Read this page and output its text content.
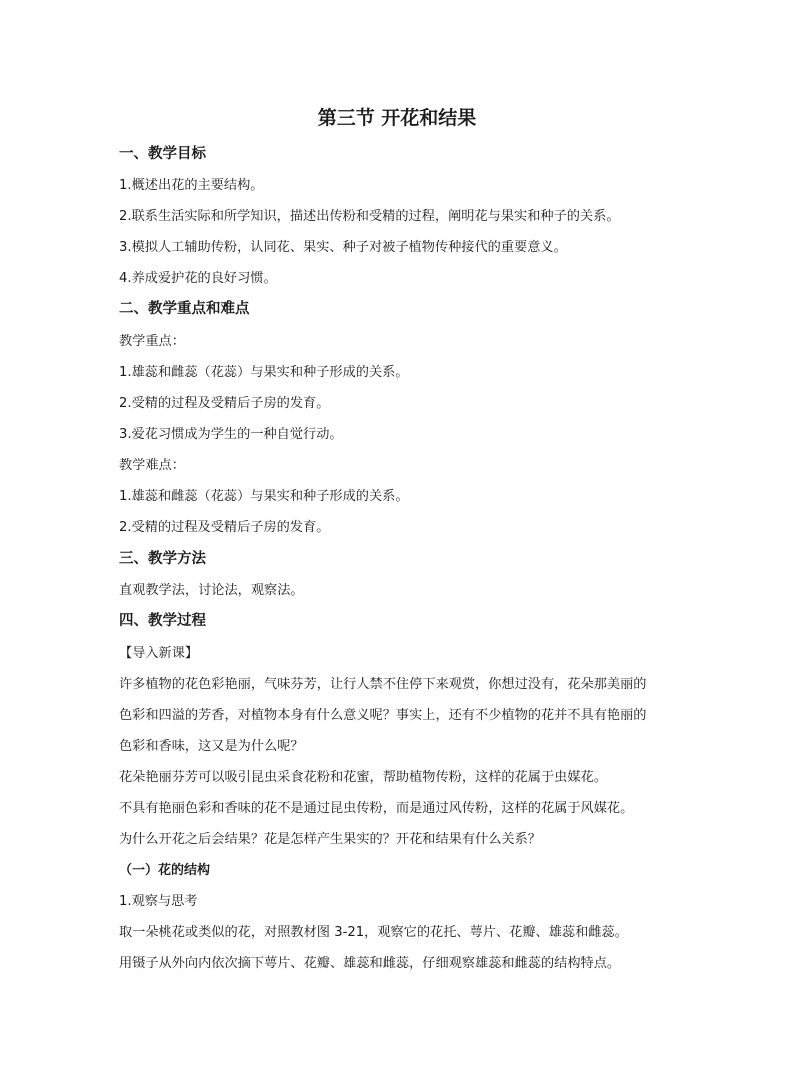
第三节 开花和结果
一、教学目标
1.概述出花的主要结构。
2.联系生活实际和所学知识，描述出传粉和受精的过程，阐明花与果实和种子的关系。
3.模拟人工辅助传粉，认同花、果实、种子对被子植物传种接代的重要意义。
4.养成爱护花的良好习惯。
二、教学重点和难点
教学重点：
1.雄蕊和雌蕊（花蕊）与果实和种子形成的关系。
2.受精的过程及受精后子房的发育。
3.爱花习惯成为学生的一种自觉行动。
教学难点：
1.雄蕊和雌蕊（花蕊）与果实和种子形成的关系。
2.受精的过程及受精后子房的发育。
三、教学方法
直观教学法，讨论法，观察法。
四、教学过程
【导入新课】
许多植物的花色彩艳丽，气味芬芳，让行人禁不住停下来观赏，你想过没有，花朵那美丽的
色彩和四溢的芳香，对植物本身有什么意义呢？事实上，还有不少植物的花并不具有艳丽的
色彩和香味，这又是为什么呢？
花朵艳丽芬芳可以吸引昆虫采食花粉和花蜜，帮助植物传粉，这样的花属于虫媒花。
不具有艳丽色彩和香味的花不是通过昆虫传粉，而是通过风传粉，这样的花属于风媒花。
为什么开花之后会结果？花是怎样产生果实的？开花和结果有什么关系？
（一）花的结构
1.观察与思考
取一朵桃花或类似的花，对照教材图 3-21，观察它的花托、萼片、花瓣、雄蕊和雌蕊。
用镊子从外向内依次摘下萼片、花瓣、雄蕊和雌蕊，仔细观察雄蕊和雌蕊的结构特点。
